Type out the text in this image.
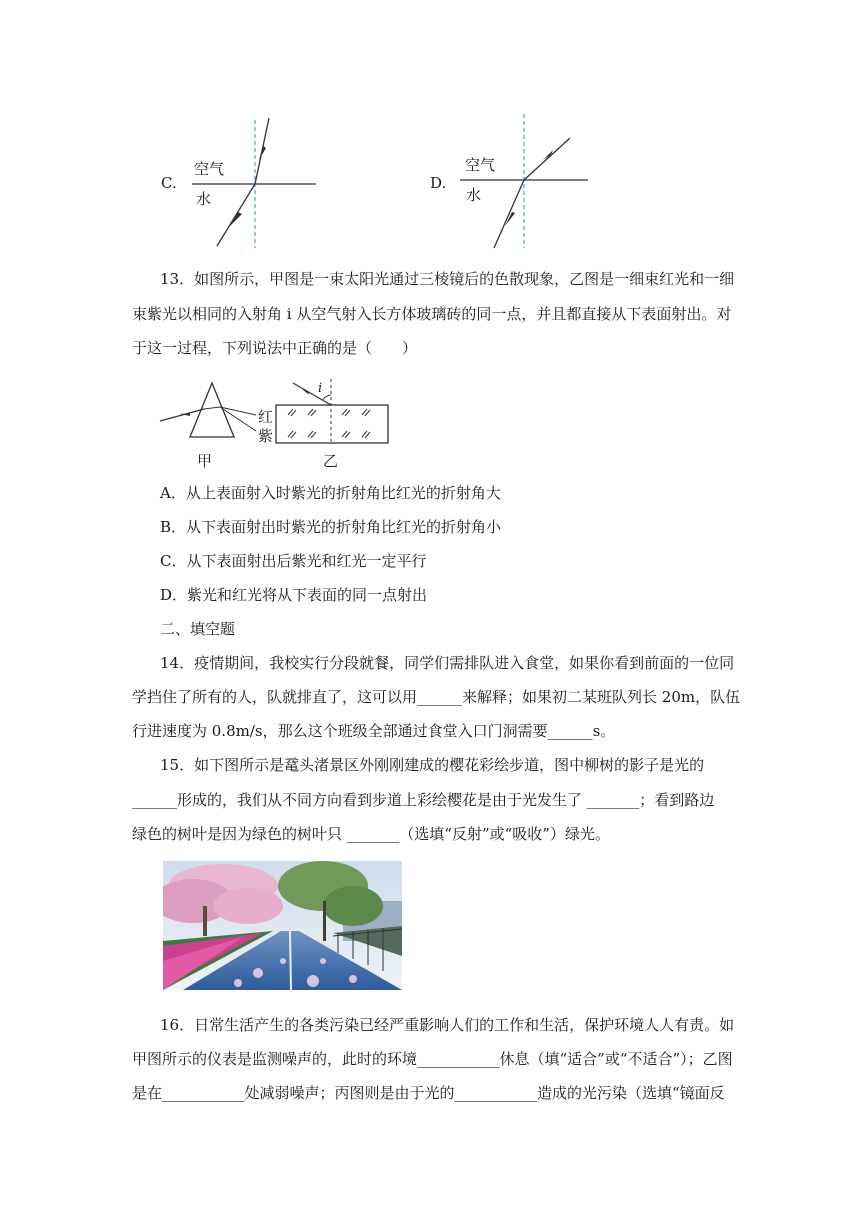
C.
空气
水
D.
空气
水
13．如图所示，甲图是一束太阳光通过三棱镜后的色散现象，乙图是一细束红光和一细
束紫光以相同的入射角 i 从空气射入长方体玻璃砖的同一点，并且都直接从下表面射出。对
于这一过程，下列说法中正确的是（　　）
红
紫
i
甲	乙
A．从上表面射入时紫光的折射角比红光的折射角大
B．从下表面射出时紫光的折射角比红光的折射角小
C．从下表面射出后紫光和红光一定平行
D．紫光和红光将从下表面的同一点射出
二、填空题
14．疫情期间，我校实行分段就餐，同学们需排队进入食堂，如果你看到前面的一位同
学挡住了所有的人，队就排直了，这可以用______来解释；如果初二某班队列长 20m，队伍
行进速度为 0.8m/s，那么这个班级全部通过食堂入口门洞需要______s。
15．如下图所示是鼋头渚景区外刚刚建成的樱花彩绘步道，图中柳树的影子是光的
______形成的，我们从不同方向看到步道上彩绘樱花是由于光发生了 _______；看到路边
绿色的树叶是因为绿色的树叶只 _______（选填“反射”或“吸收”）绿光。
16．日常生活产生的各类污染已经严重影响人们的工作和生活，保护环境人人有责。如
甲图所示的仪表是监测噪声的，此时的环境___________休息（填“适合”或“不适合”）；乙图
是在___________处减弱噪声；丙图则是由于光的___________造成的光污染（选填“镜面反
